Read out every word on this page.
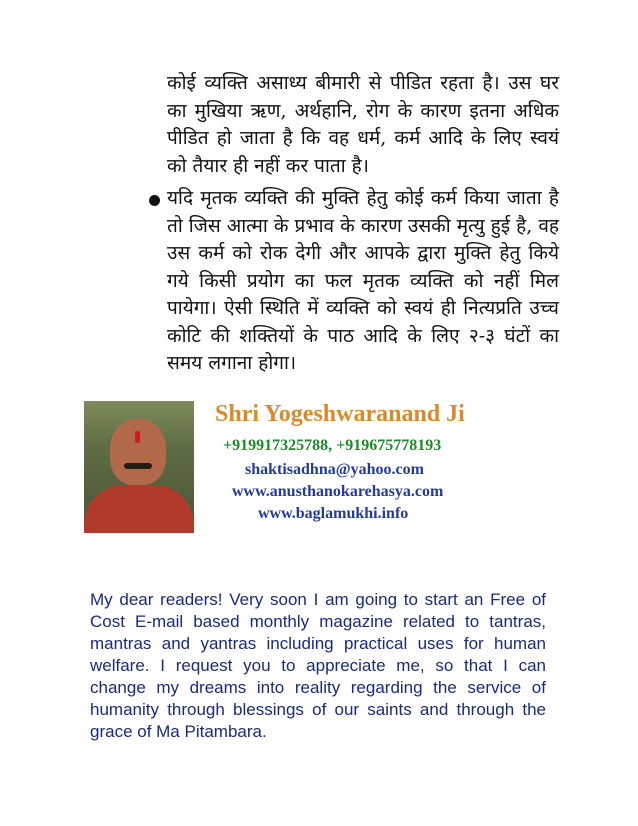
कोई व्यक्ति असाध्य बीमारी से पीडित रहता है। उस घर का मुखिया ऋण, अर्थहानि, रोग के कारण इतना अधिक पीडित हो जाता है कि वह धर्म, कर्म आदि के लिए स्वयं को तैयार ही नहीं कर पाता है।
यदि मृतक व्यक्ति की मुक्ति हेतु कोई कर्म किया जाता है तो जिस आत्मा के प्रभाव के कारण उसकी मृत्यु हुई है, वह उस कर्म को रोक देगी और आपके द्वारा मुक्ति हेतु किये गये किसी प्रयोग का फल मृतक व्यक्ति को नहीं मिल पायेगा। ऐसी स्थिति में व्यक्ति को स्वयं ही नित्यप्रति उच्च कोटि की शक्तियों के पाठ आदि के लिए २-३ घंटों का समय लगाना होगा।
Shri Yogeshwaranand Ji
+919917325788, +919675778193
shaktisadhna@yahoo.com
www.anusthanokarehasya.com
www.baglamukhi.info
My dear readers! Very soon I am going to start an Free of Cost E-mail based monthly magazine related to tantras, mantras and yantras including practical uses for human welfare. I request you to appreciate me, so that I can change my dreams into reality regarding the service of humanity through blessings of our saints and through the grace of Ma Pitambara.
